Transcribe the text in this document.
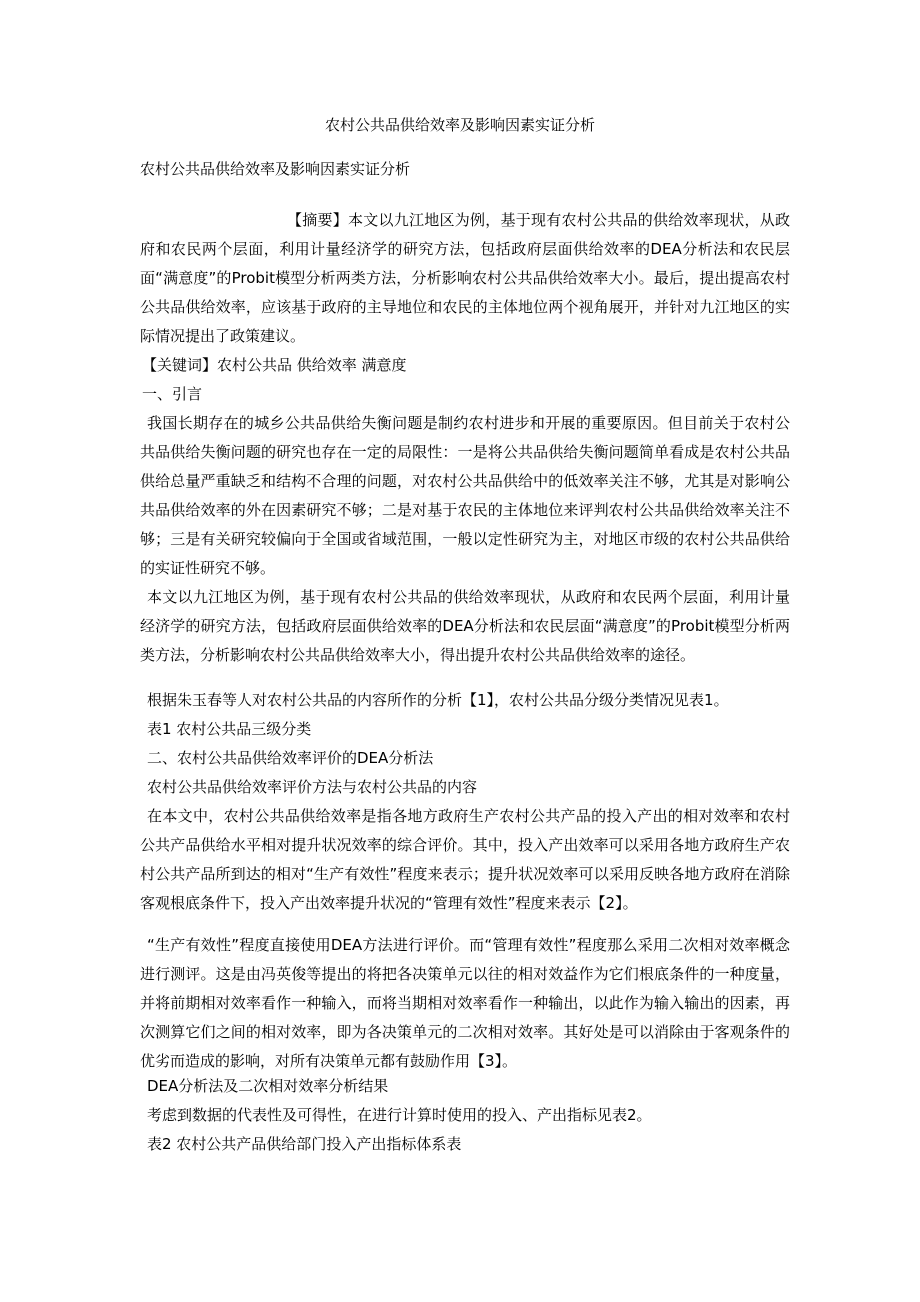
农村公共品供给效率及影响因素实证分析
农村公共品供给效率及影响因素实证分析
【摘要】本文以九江地区为例，基于现有农村公共品的供给效率现状，从政府和农民两个层面，利用计量经济学的研究方法，包括政府层面供给效率的DEA分析法和农民层面“满意度”的Probit模型分析两类方法，分析影响农村公共品供给效率大小。最后，提出提高农村公共品供给效率，应该基于政府的主导地位和农民的主体地位两个视角展开，并针对九江地区的实际情况提出了政策建议。
【关键词】农村公共品 供给效率 满意度
一、引言
我国长期存在的城乡公共品供给失衡问题是制约农村进步和开展的重要原因。但目前关于农村公共品供给失衡问题的研究也存在一定的局限性：一是将公共品供给失衡问题简单看成是农村公共品供给总量严重缺乏和结构不合理的问题，对农村公共品供给中的低效率关注不够，尤其是对影响公共品供给效率的外在因素研究不够；二是对基于农民的主体地位来评判农村公共品供给效率关注不够；三是有关研究较偏向于全国或省域范围，一般以定性研究为主，对地区市级的农村公共品供给的实证性研究不够。
本文以九江地区为例，基于现有农村公共品的供给效率现状，从政府和农民两个层面，利用计量经济学的研究方法，包括政府层面供给效率的DEA分析法和农民层面“满意度”的Probit模型分析两类方法，分析影响农村公共品供给效率大小，得出提升农村公共品供给效率的途径。
根据朱玉春等人对农村公共品的内容所作的分析【1】，农村公共品分级分类情况见表1。
表1 农村公共品三级分类
二、农村公共品供给效率评价的DEA分析法
农村公共品供给效率评价方法与农村公共品的内容
在本文中，农村公共品供给效率是指各地方政府生产农村公共产品的投入产出的相对效率和农村公共产品供给水平相对提升状况效率的综合评价。其中，投入产出效率可以采用各地方政府生产农村公共产品所到达的相对“生产有效性”程度来表示；提升状况效率可以采用反映各地方政府在消除客观根底条件下，投入产出效率提升状况的“管理有效性”程度来表示【2】。
“生产有效性”程度直接使用DEA方法进行评价。而“管理有效性”程度那么采用二次相对效率概念进行测评。这是由冯英俊等提出的将把各决策单元以往的相对效益作为它们根底条件的一种度量，并将前期相对效率看作一种输入，而将当期相对效率看作一种输出，以此作为输入输出的因素，再次测算它们之间的相对效率，即为各决策单元的二次相对效率。其好处是可以消除由于客观条件的优劣而造成的影响，对所有决策单元都有鼓励作用【3】。
DEA分析法及二次相对效率分析结果
考虑到数据的代表性及可得性，在进行计算时使用的投入、产出指标见表2。
表2 农村公共产品供给部门投入产出指标体系表
